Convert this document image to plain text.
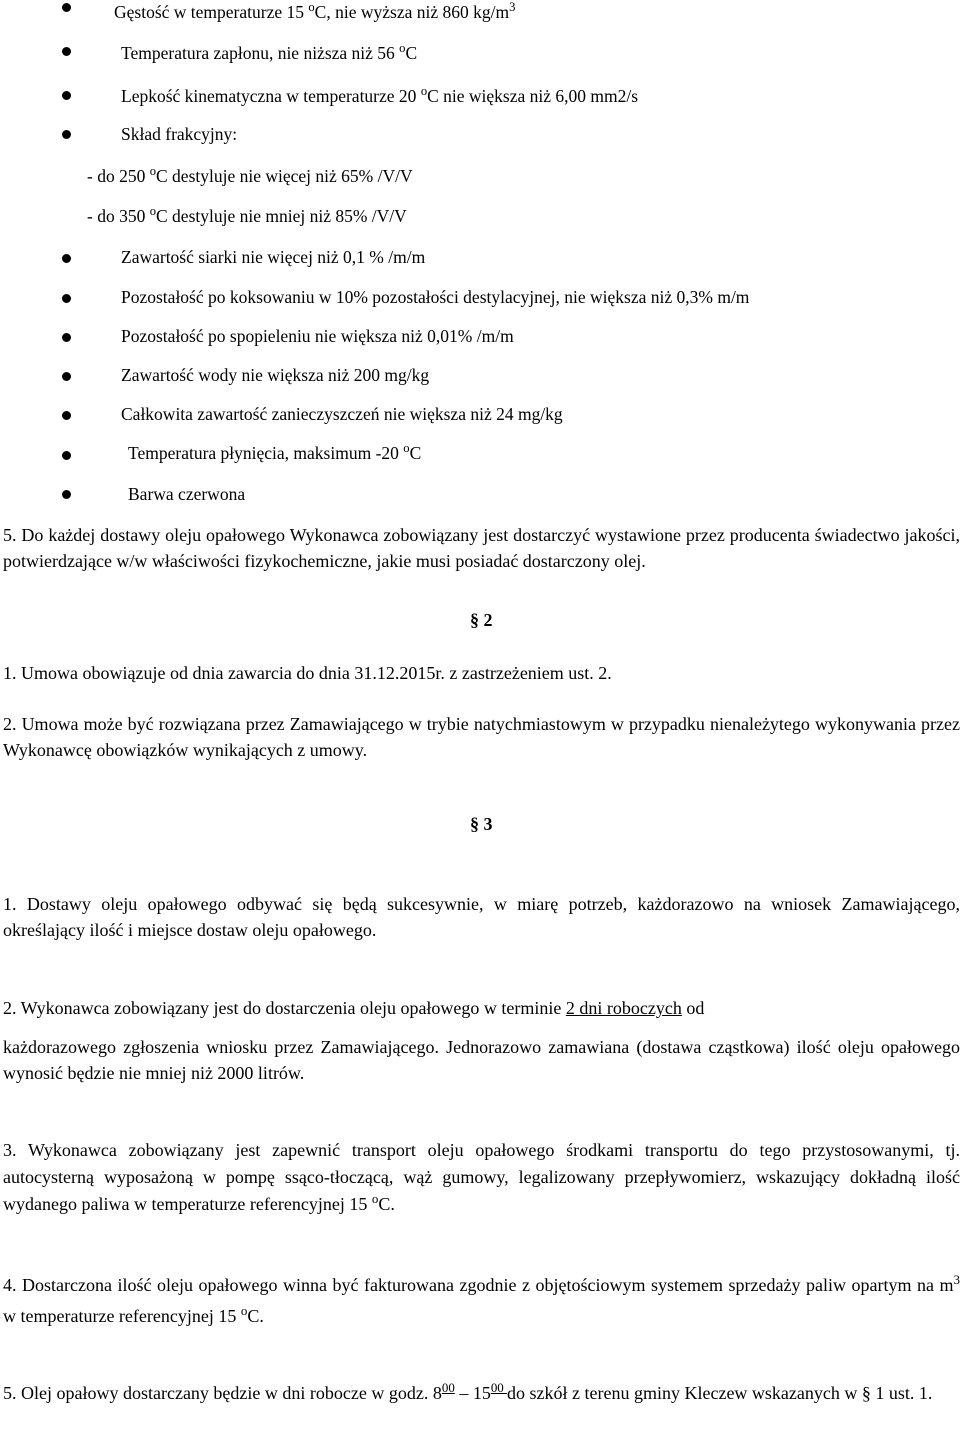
Gęstość w temperaturze 15 $^o$C, nie wyższa niż 860 $kg/m^3$
Temperatura zapłonu, nie niższa niż 56 $^o$C
Lepkość kinematyczna w temperaturze 20 $^o$C nie większa niż 6,00 mm2/s
Skład frakcyjny:
- do 250 $^o$C destyluje nie więcej niż 65% /V/V
- do 350 $^o$C destyluje nie mniej niż 85% /V/V
Zawartość siarki nie więcej niż 0,1 % /m/m
Pozostałość po koksowaniu w 10% pozostałości destylacyjnej, nie większa niż 0,3% m/m
Pozostałość po spopieleniu nie większa niż 0,01% /m/m
Zawartość wody nie większa niż 200 mg/kg
Całkowita zawartość zanieczyszczeń nie większa niż 24 mg/kg
Temperatura płynięcia, maksimum -20 $^o$C
Barwa czerwona
5. Do każdej dostawy oleju opałowego Wykonawca zobowiązany jest dostarczyć wystawione przez producenta świadectwo jakości, potwierdzające w/w właściwości fizykochemiczne, jakie musi posiadać dostarczony olej.
§ 2
1. Umowa obowiązuje od dnia zawarcia do dnia 31.12.2015r. z zastrzeżeniem ust. 2.
2. Umowa może być rozwiązana przez Zamawiającego w trybie natychmiastowym w przypadku nienależytego wykonywania przez Wykonawcę obowiązków wynikających z umowy.
§ 3
1. Dostawy oleju opałowego odbywać się będą sukcesywnie, w miarę potrzeb, każdorazowo na wniosek Zamawiającego, określający ilość i miejsce dostaw oleju opałowego.
2. Wykonawca zobowiązany jest do dostarczenia oleju opałowego w terminie 2 dni roboczych od
każdorazowego zgłoszenia wniosku przez Zamawiającego. Jednorazowo zamawiana (dostawa cząstkowa) ilość oleju opałowego wynosić będzie nie mniej niż 2000 litrów.
3. Wykonawca zobowiązany jest zapewnić transport oleju opałowego środkami transportu do tego przystosowanymi, tj. autocysterną wyposażoną w pompę ssąco-tłoczącą, wąż gumowy, legalizowany przepływomierz, wskazujący dokładną ilość wydanego paliwa w temperaturze referencyjnej 15 $^o$C.
4. Dostarczona ilość oleju opałowego winna być fakturowana zgodnie z objętościowym systemem sprzedaży paliw opartym na $m^3$ w temperaturze referencyjnej 15 $^o$C.
5. Olej opałowy dostarczany będzie w dni robocze w godz. $8^{00} - 15^{00}$ do szkół z terenu gminy Kleczew wskazanych w § 1 ust. 1.
